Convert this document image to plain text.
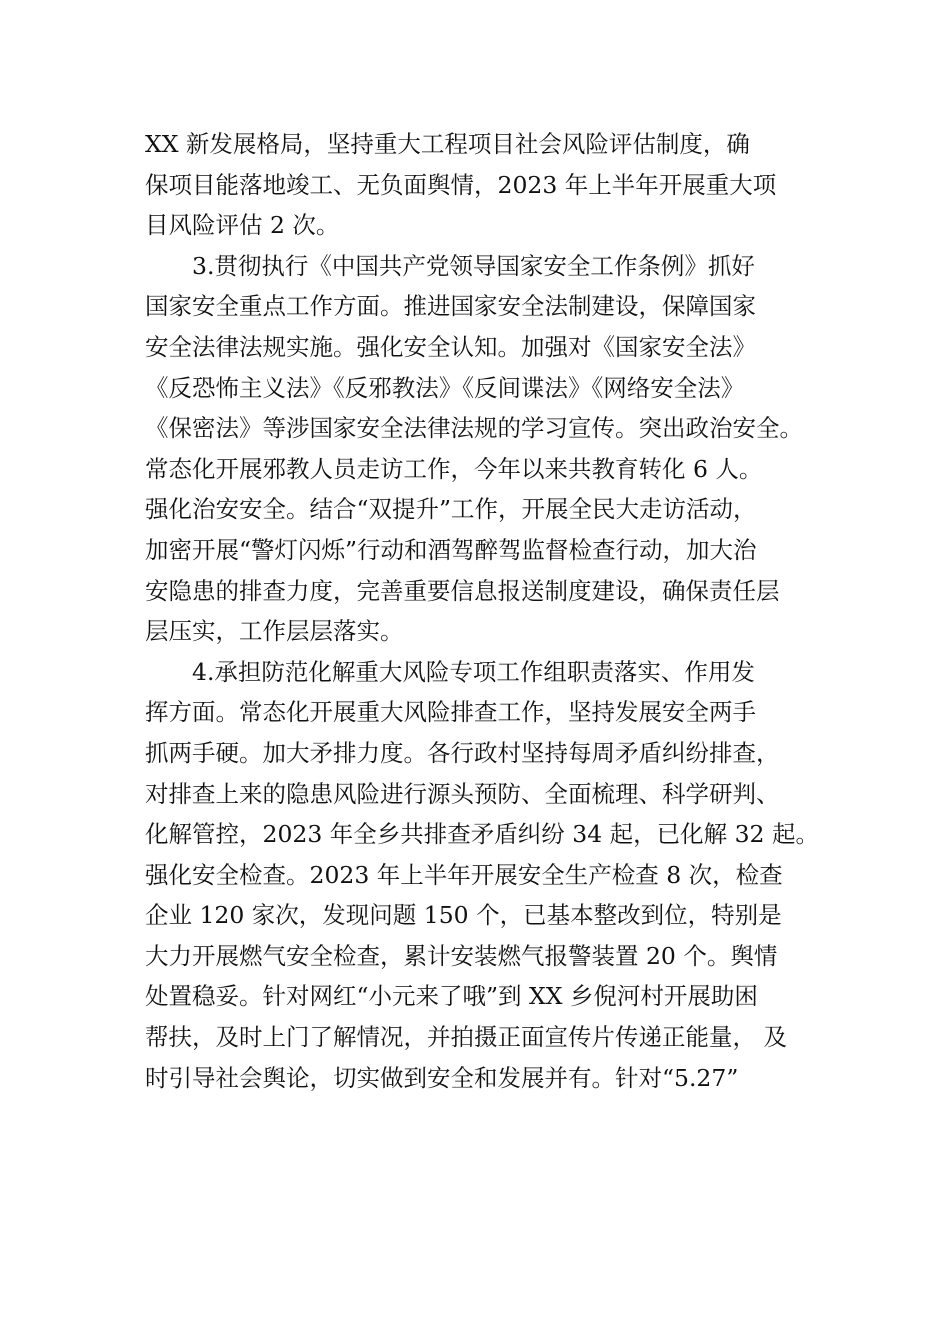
XX 新发展格局，坚持重大工程项目社会风险评估制度，确
保项目能落地竣工、无负面舆情，2023 年上半年开展重大项
目风险评估 2 次。
3.贯彻执行《中国共产党领导国家安全工作条例》抓好
国家安全重点工作方面。推进国家安全法制建设，保障国家
安全法律法规实施。强化安全认知。加强对《国家安全法》
《反恐怖主义法》《反邪教法》《反间谍法》《网络安全法》
《保密法》等涉国家安全法律法规的学习宣传。突出政治安全。
常态化开展邪教人员走访工作，今年以来共教育转化 6 人。
强化治安安全。结合“双提升”工作，开展全民大走访活动，
加密开展“警灯闪烁”行动和酒驾醉驾监督检查行动，加大治
安隐患的排查力度，完善重要信息报送制度建设，确保责任层
层压实，工作层层落实。
4.承担防范化解重大风险专项工作组职责落实、作用发
挥方面。常态化开展重大风险排查工作，坚持发展安全两手
抓两手硬。加大矛排力度。各行政村坚持每周矛盾纠纷排查，
对排查上来的隐患风险进行源头预防、全面梳理、科学研判、
化解管控，2023 年全乡共排查矛盾纠纷 34 起，已化解 32 起。
强化安全检查。2023 年上半年开展安全生产检查 8 次，检查
企业 120 家次，发现问题 150 个，已基本整改到位，特别是
大力开展燃气安全检查，累计安装燃气报警装置 20 个。舆情
处置稳妥。针对网红“小元来了哦”到 XX 乡倪河村开展助困
帮扶，及时上门了解情况，并拍摄正面宣传片传递正能量， 及
时引导社会舆论，切实做到安全和发展并有。针对“5.27”
